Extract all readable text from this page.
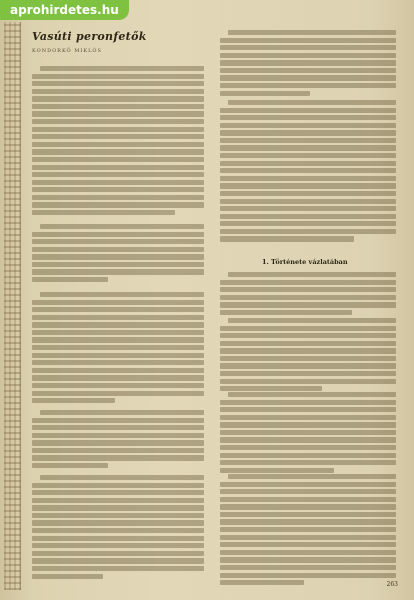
aprohirdetes.hu
Vasúti peronfetők
KONDORKÖ MIKLÓS
1. Története vázlatában
263
